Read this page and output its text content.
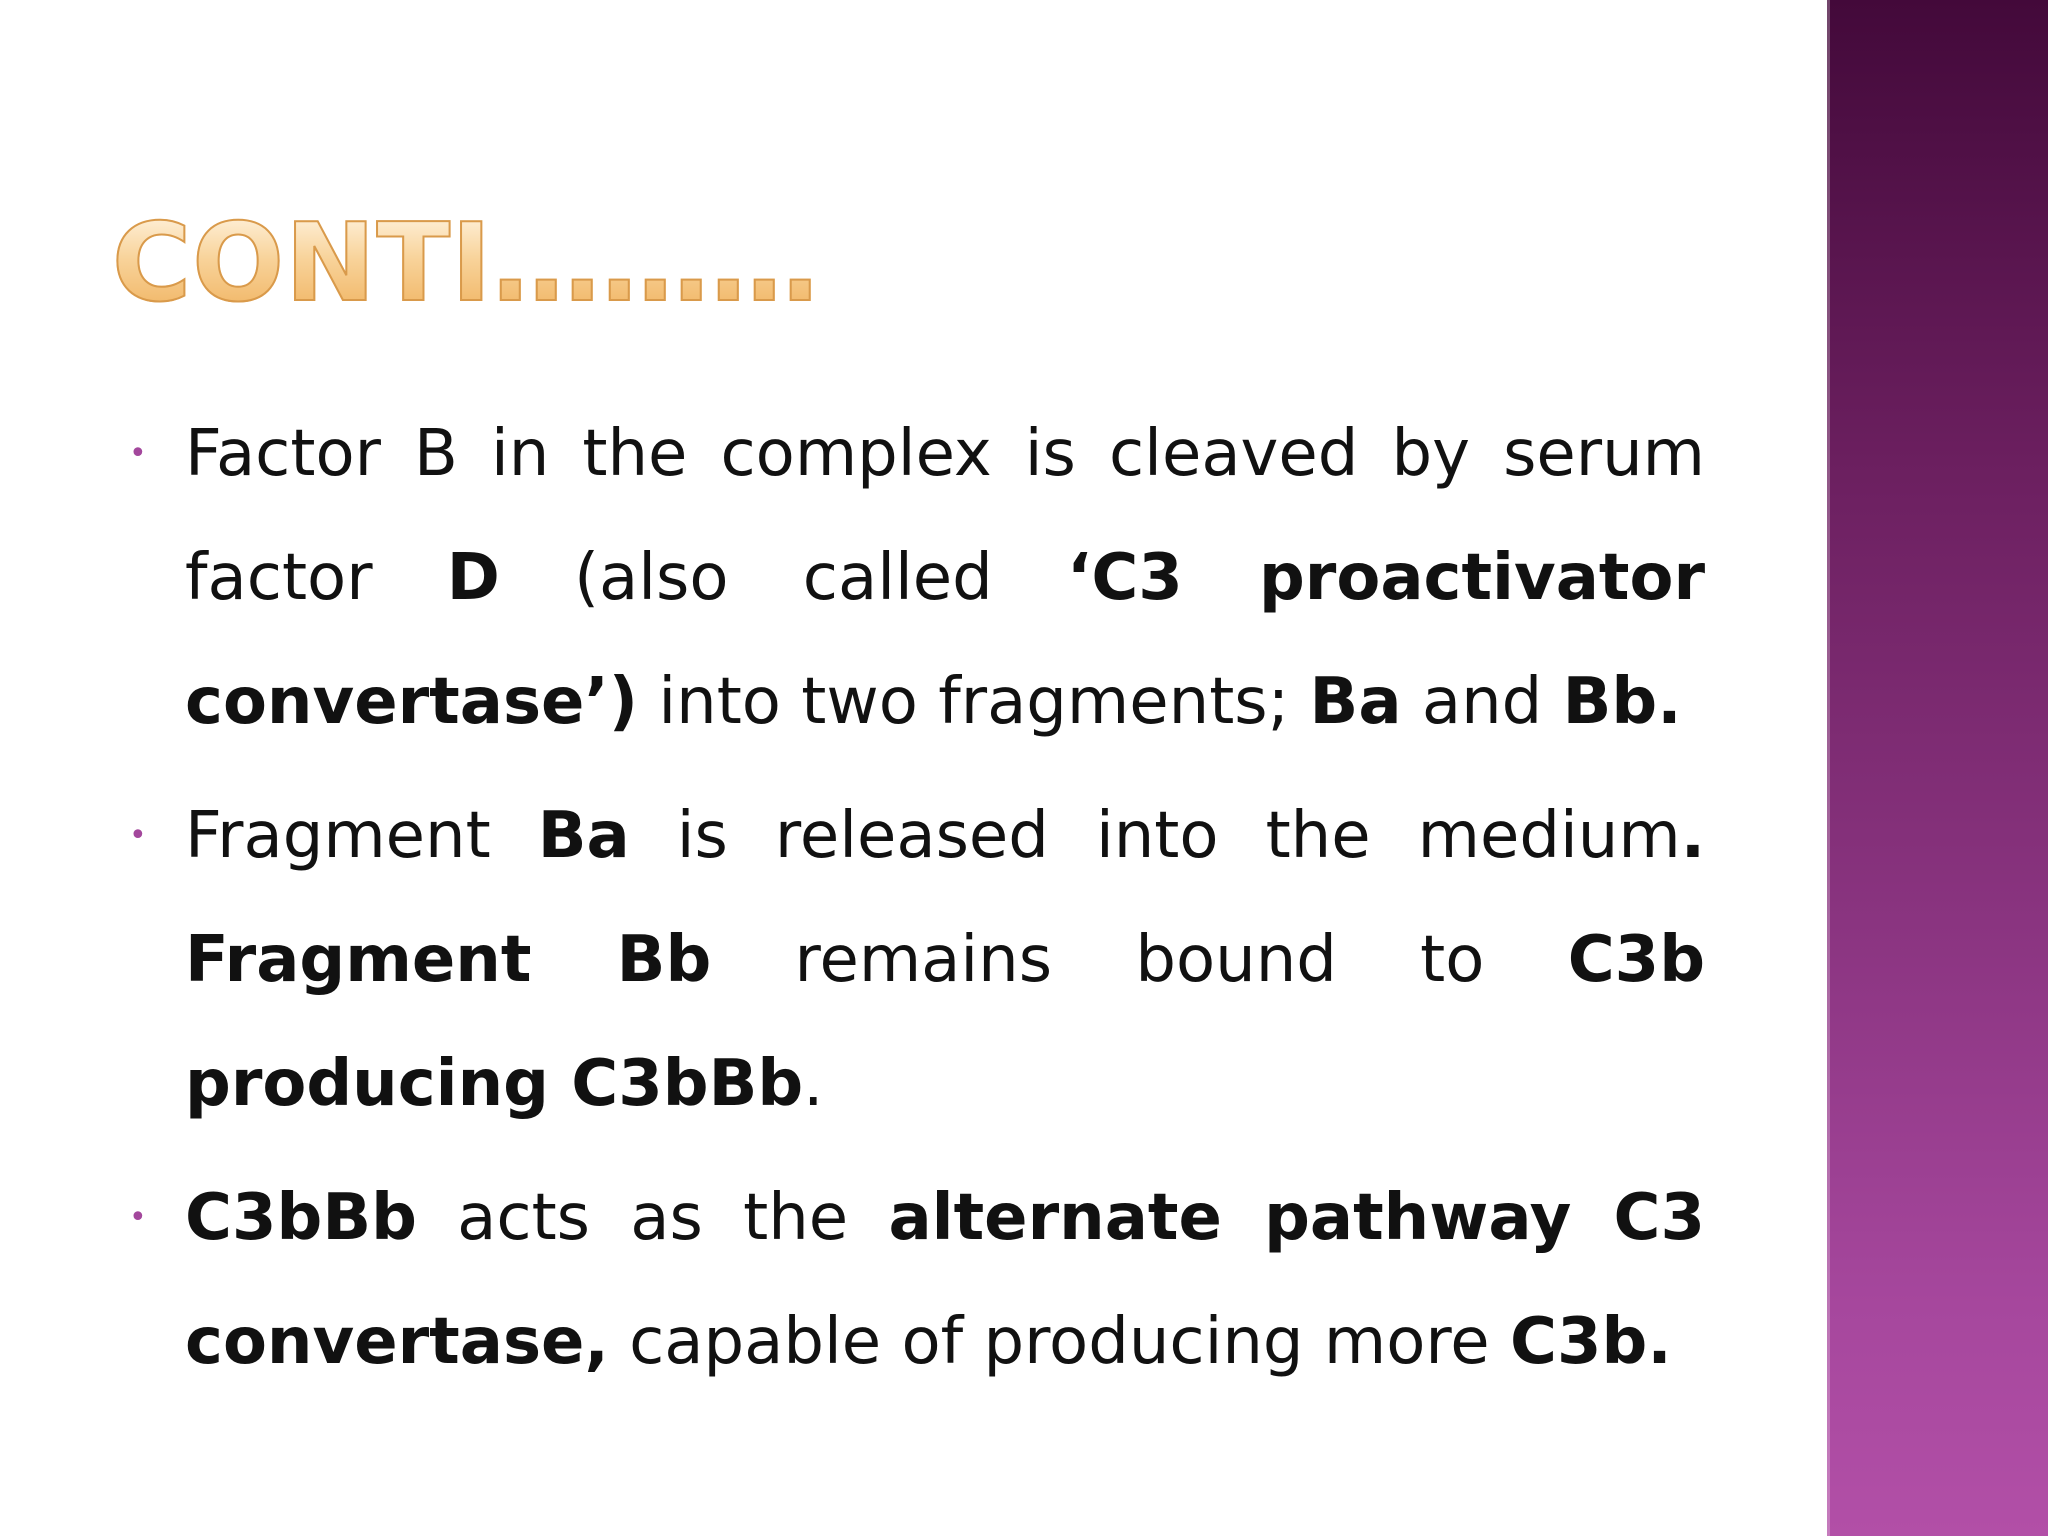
CONTI………
• Factor B in the complex is cleaved by serum factor D (also called ‘C3 proactivator convertase’) into two fragments; Ba and Bb.
• Fragment Ba is released into the medium. Fragment Bb remains bound to C3b producing C3bBb.
• C3bBb acts as the alternate pathway C3 convertase, capable of producing more C3b.
